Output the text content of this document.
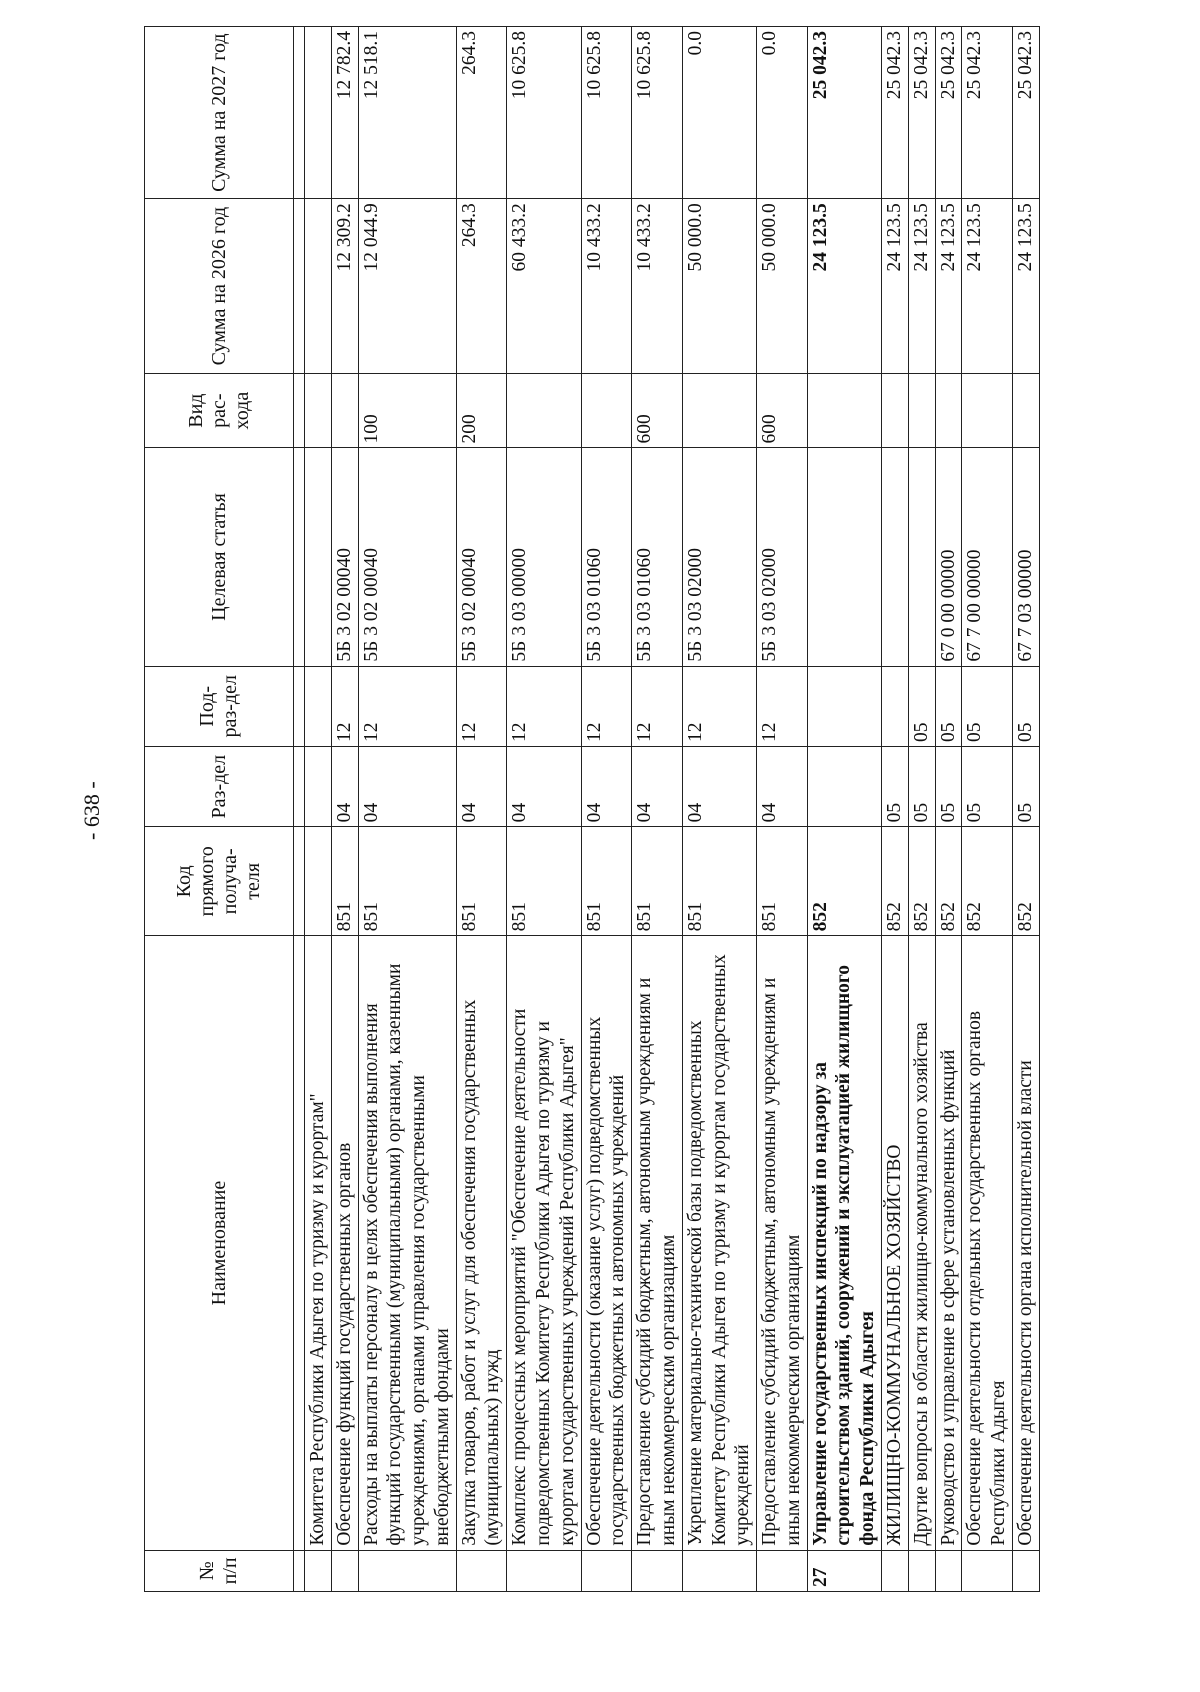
- 638 -
№ п/п	Наименование	Код прямого получа-теля	Раз-дел	Под-раз-дел	Целевая статья	Вид рас-хода	Сумма на 2026 год	Сумма на 2027 год

	Комитета Республики Адыгея по туризму и курортам"							
	Обеспечение функций государственных органов	851	04	12	5Б 3 02 00040		12 309.2	12 782.4
	Расходы на выплаты персоналу в целях обеспечения выполнения функций государственными (муниципальными) органами, казенными учреждениями, органами управления государственными внебюджетными фондами	851	04	12	5Б 3 02 00040	100	12 044.9	12 518.1
	Закупка товаров, работ и услуг для обеспечения государственных (муниципальных) нужд	851	04	12	5Б 3 02 00040	200	264.3	264.3
	Комплекс процессных мероприятий "Обеспечение деятельности подведомственных Комитету Республики Адыгея по туризму и курортам государственных учреждений Республики Адыгея"	851	04	12	5Б 3 03 00000		60 433.2	10 625.8
	Обеспечение деятельности (оказание услуг) подведомственных государственных бюджетных и автономных учреждений	851	04	12	5Б 3 03 01060		10 433.2	10 625.8
	Предоставление субсидий бюджетным, автономным учреждениям и иным некоммерческим организациям	851	04	12	5Б 3 03 01060	600	10 433.2	10 625.8
	Укрепление материально-технической базы подведомственных Комитету Республики Адыгея по туризму и курортам государственных учреждений	851	04	12	5Б 3 03 02000		50 000.0	0.0
	Предоставление субсидий бюджетным, автономным учреждениям и иным некоммерческим организациям	851	04	12	5Б 3 03 02000	600	50 000.0	0.0
27	Управление государственных инспекций по надзору за строительством зданий, сооружений и эксплуатацией жилищного фонда Республики Адыгея	852					24 123.5	25 042.3
	ЖИЛИЩНО-КОММУНАЛЬНОЕ ХОЗЯЙСТВО	852	05				24 123.5	25 042.3
	Другие вопросы в области жилищно-коммунального хозяйства	852	05	05			24 123.5	25 042.3
	Руководство и управление в сфере установленных функций	852	05	05	67 0 00 00000		24 123.5	25 042.3
	Обеспечение деятельности отдельных государственных органов Республики Адыгея	852	05	05	67 7 00 00000		24 123.5	25 042.3
	Обеспечение деятельности органа исполнительной власти	852	05	05	67 7 03 00000		24 123.5	25 042.3
